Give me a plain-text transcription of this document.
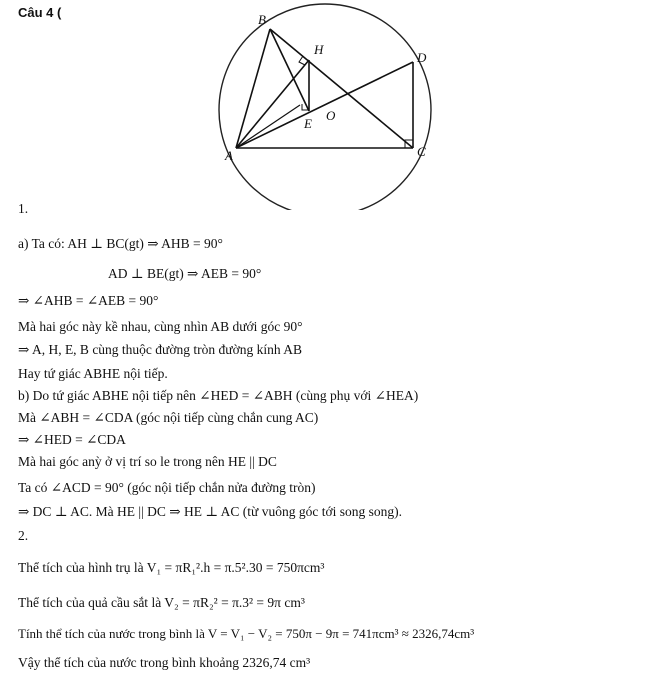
Câu 4 (	B
H
D
E
O
A	C
1.
a) Ta có: AH ⊥ BC(gt) ⇒ AHB = 90°
AD ⊥ BE(gt) ⇒ AEB = 90°
⇒ ∠AHB = ∠AEB = 90°
Mà hai góc này kề nhau, cùng nhìn AB dưới góc 90°
⇒ A, H, E, B cùng thuộc đường tròn đường kính AB
Hay tứ giác ABHE nội tiếp.
b) Do tứ giác ABHE nội tiếp nên ∠HED = ∠ABH (cùng phụ với ∠HEA)
Mà ∠ABH = ∠CDA (góc nội tiếp cùng chắn cung AC)
⇒ ∠HED = ∠CDA
Mà hai góc anỳ ở vị trí so le trong nên HE || DC
Ta có ∠ACD = 90° (góc nội tiếp chắn nửa đường tròn)
⇒ DC ⊥ AC. Mà HE || DC ⇒ HE ⊥ AC (từ vuông góc tới song song).
2.
Thể tích của hình trụ là V₁ = πR₁².h = π.5².30 = 750πcm³
Thể tích của quả cầu sắt là V₂ = πR₂² = π.3² = 9π cm³
Tính thể tích của nước trong bình là V = V₁ − V₂ = 750π − 9π = 741πcm³ ≈ 2326,74cm³
Vậy thể tích của nước trong bình khoảng 2326,74 cm³
